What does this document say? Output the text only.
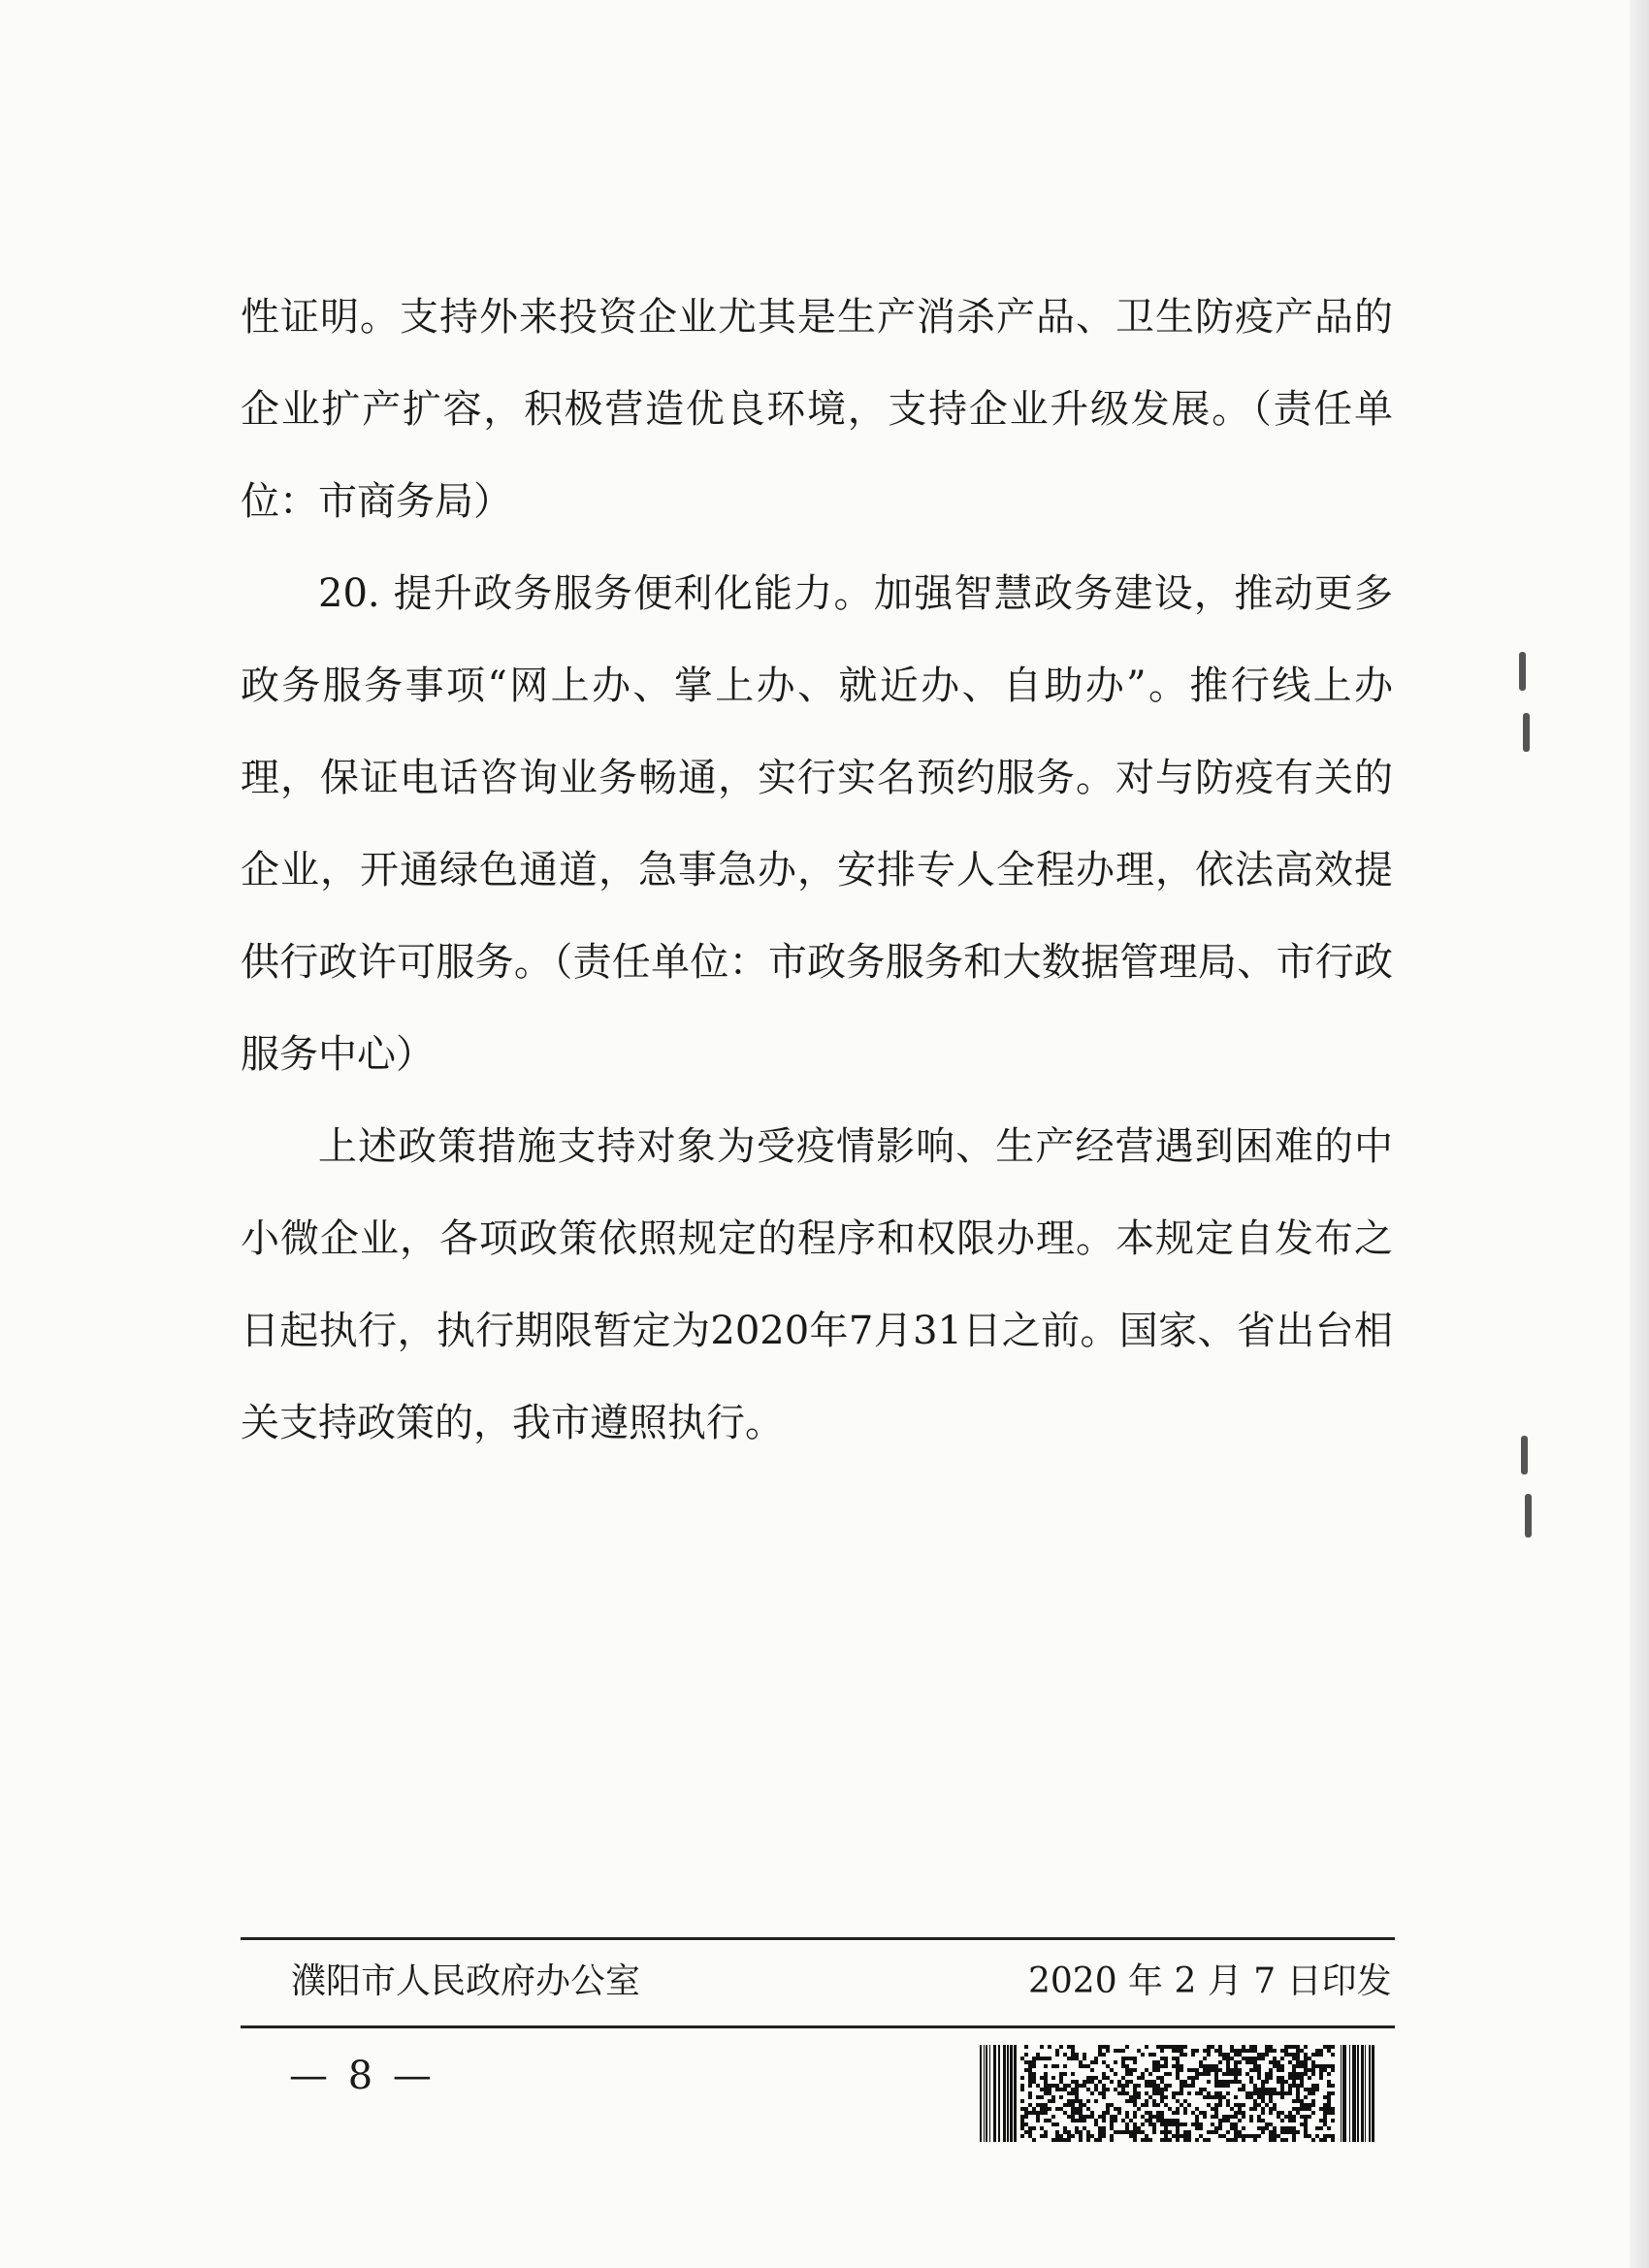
性证明。支持外来投资企业尤其是生产消杀产品、卫生防疫产品的企业扩产扩容，积极营造优良环境，支持企业升级发展。（责任单位：市商务局）

20. 提升政务服务便利化能力。加强智慧政务建设，推动更多政务服务事项“网上办、掌上办、就近办、自助办”。推行线上办理，保证电话咨询业务畅通，实行实名预约服务。对与防疫有关的企业，开通绿色通道，急事急办，安排专人全程办理，依法高效提供行政许可服务。（责任单位：市政务服务和大数据管理局、市行政服务中心）

上述政策措施支持对象为受疫情影响、生产经营遇到困难的中小微企业，各项政策依照规定的程序和权限办理。本规定自发布之日起执行，执行期限暂定为2020年7月31日之前。国家、省出台相关支持政策的，我市遵照执行。

濮阳市人民政府办公室	2020 年 2 月 7 日印发
— 8 —
